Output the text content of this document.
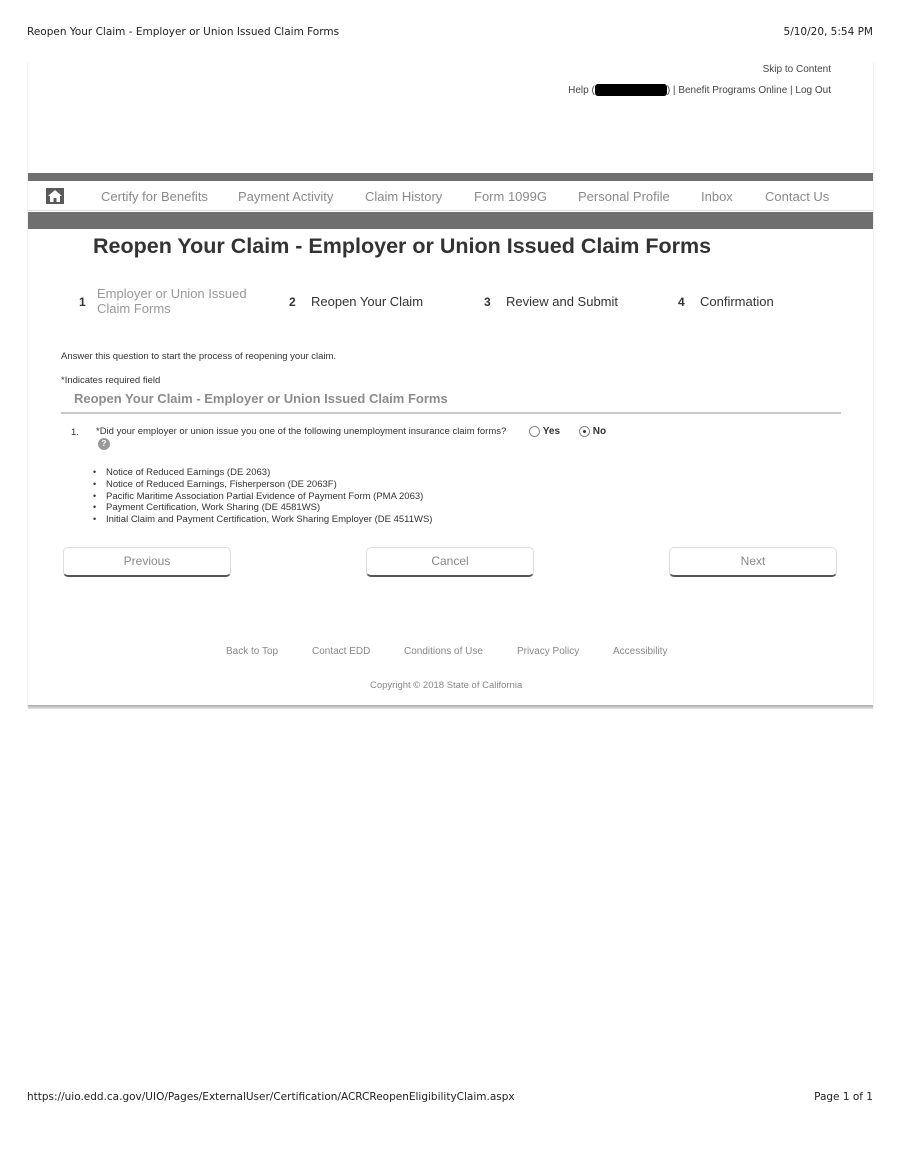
Reopen Your Claim - Employer or Union Issued Claim Forms	5/10/20, 5:54 PM
Skip to Content
Help (	) | Benefit Programs Online | Log Out
Certify for Benefits Payment Activity Claim History Form 1099G Personal Profile Inbox Contact Us
Reopen Your Claim - Employer or Union Issued Claim Forms
1
Employer or Union Issued
Claim Forms	2 Reopen Your Claim	3 Review and Submit	4 Confirmation

Answer this question to start the process of reopening your claim.

*Indicates required field

Reopen Your Claim - Employer or Union Issued Claim Forms
1. *Did your employer or union issue you one of the following unemployment insurance claim forms??
Yes	No
• Notice of Reduced Earnings (DE 2063)
• Notice of Reduced Earnings, Fisherperson (DE 2063F)
• Pacific Maritime Association Partial Evidence of Payment Form (PMA 2063)
• Payment Certification, Work Sharing (DE 4581WS)
• Initial Claim and Payment Certification, Work Sharing Employer (DE 4511WS)
Previous	Cancel	Next
Back to Top	Contact EDD	Conditions of Use	Privacy Policy	Accessibility

Copyright © 2018 State of California

https://uio.edd.ca.gov/UIO/Pages/ExternalUser/Certification/ACRCReopenEligibilityClaim.aspx	Page 1 of 1
